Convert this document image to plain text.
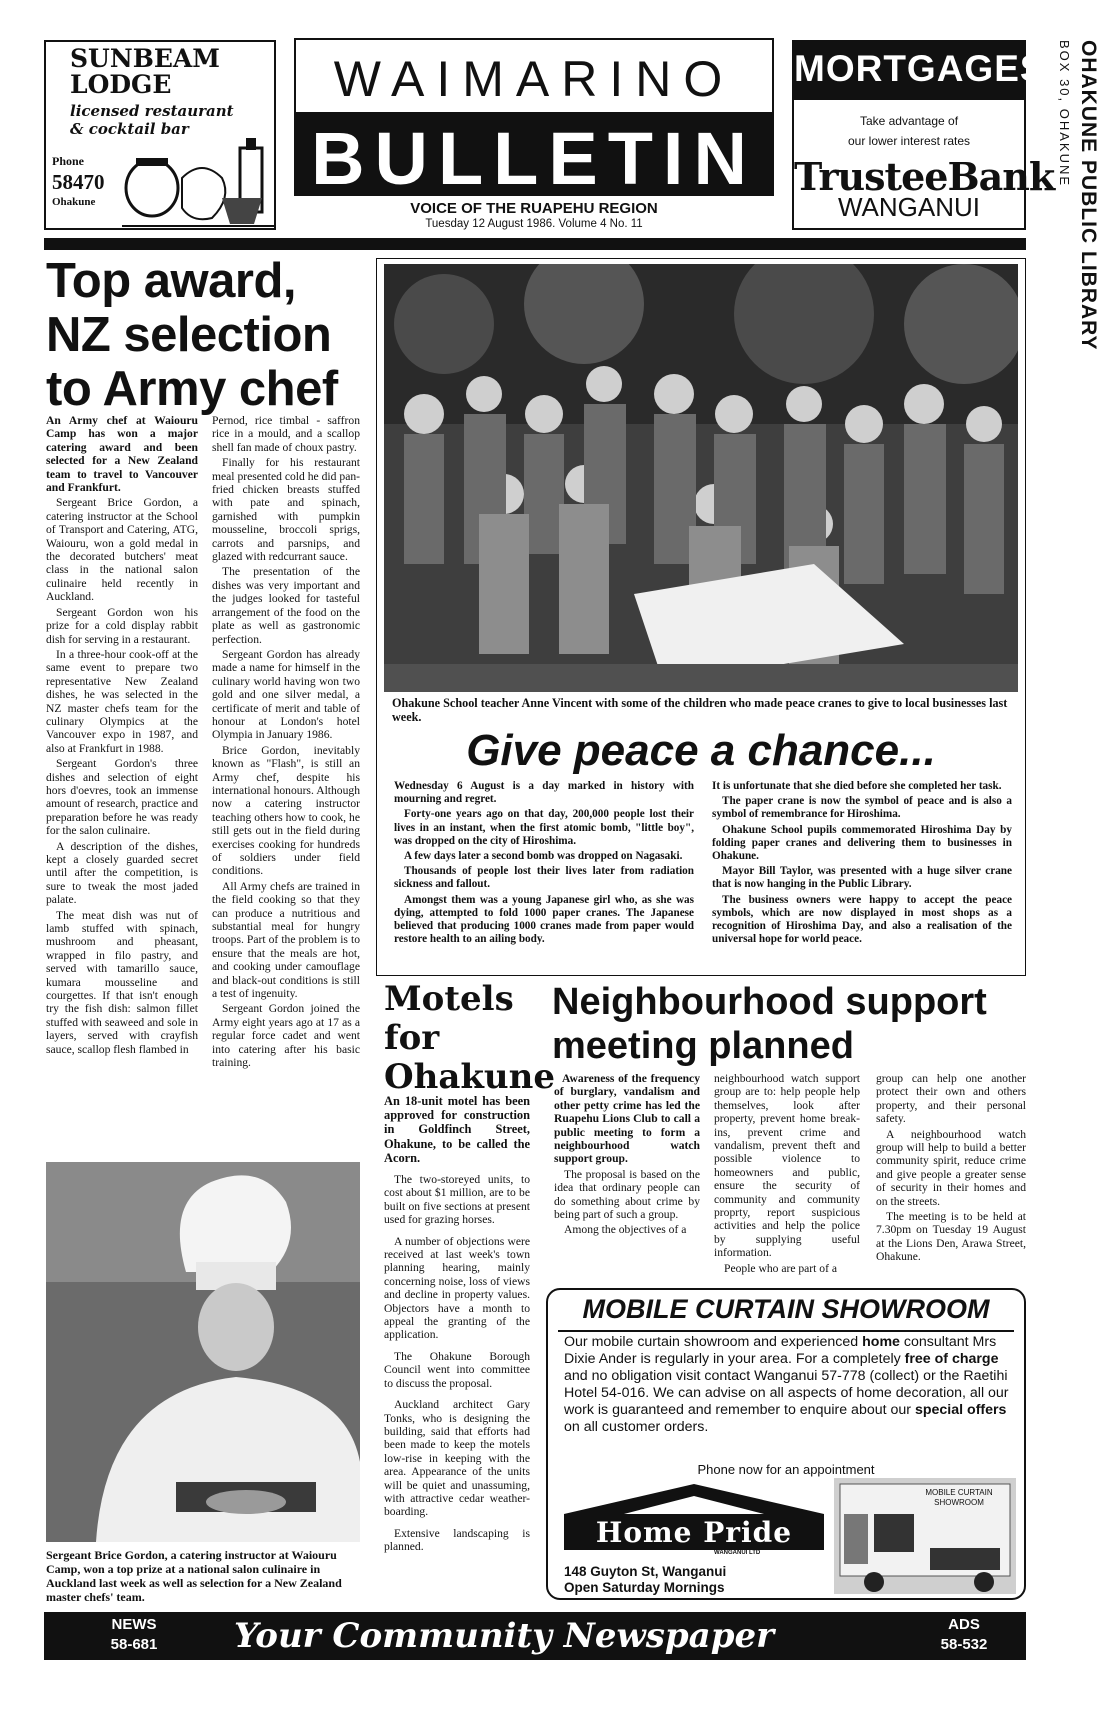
SUNBEAM LODGE
licensed restaurant
& cocktail bar
Phone
58470
Ohakune
WAIMARINO
BULLETIN
VOICE OF THE RUAPEHU REGION
Tuesday 12 August 1986. Volume 4 No. 11
MORTGAGES
Take advantage of
our lower interest rates
TrusteeBank
WANGANUI	OHAKUNE PUBLIC LIBRARY
BOX 30, OHAKUNE
Top award, NZ selection to Army chef

An Army chef at Waiouru Camp has won a major catering award and been selected for a New Zealand team to travel to Vancouver and Frankfurt.

Sergeant Brice Gordon, a catering instructor at the School of Transport and Catering, ATG, Waiouru, won a gold medal in the decorated butchers' meat class in the national salon culinaire held recently in Auckland.

Sergeant Gordon won his prize for a cold display rabbit dish for serving in a restaurant.

In a three-hour cook-off at the same event to prepare two representative New Zealand dishes, he was selected in the NZ master chefs team for the culinary Olympics at the Vancouver expo in 1987, and also at Frankfurt in 1988.

Sergeant Gordon's three dishes and selection of eight hors d'oevres, took an immense amount of research, practice and preparation before he was ready for the salon culinaire.

A description of the dishes, kept a closely guarded secret until after the competition, is sure to tweak the most jaded palate.

The meat dish was nut of lamb stuffed with spinach, mushroom and pheasant, wrapped in filo pastry, and served with tamarillo sauce, kumara mousseline and courgettes. If that isn't enough try the fish dish: salmon fillet stuffed with seaweed and sole in layers, served with crayfish sauce, scallop flesh flambed in

Pernod, rice timbal - saffron rice in a mould, and a scallop shell fan made of choux pastry.

Finally for his restaurant meal presented cold he did pan-fried chicken breasts stuffed with pate and spinach, garnished with pumpkin mousseline, broccoli sprigs, carrots and parsnips, and glazed with redcurrant sauce.

The presentation of the dishes was very important and the judges looked for tasteful arrangement of the food on the plate as well as gastronomic perfection.

Sergeant Gordon has already made a name for himself in the culinary world having won two gold and one silver medal, a certificate of merit and table of honour at London's hotel Olympia in January 1986.

Brice Gordon, inevitably known as "Flash", is still an Army chef, despite his international honours. Although now a catering instructor teaching others how to cook, he still gets out in the field during exercises cooking for hundreds of soldiers under field conditions.

All Army chefs are trained in the field cooking so that they can produce a nutritious and substantial meal for hungry troops. Part of the problem is to ensure that the meals are hot, and cooking under camouflage and black-out conditions is still a test of ingenuity.

Sergeant Gordon joined the Army eight years ago at 17 as a regular force cadet and went into catering after his basic training.

Sergeant Brice Gordon, a catering instructor at Waiouru Camp, won a top prize at a national salon culinaire in Auckland last week as well as selection for a New Zealand master chefs' team.
Ohakune School teacher Anne Vincent with some of the children who made peace cranes to give to local businesses last week.
Give peace a chance...

Wednesday 6 August is a day marked in history with mourning and regret.

Forty-one years ago on that day, 200,000 people lost their lives in an instant, when the first atomic bomb, "little boy", was dropped on the city of Hiroshima.

A few days later a second bomb was dropped on Nagasaki.

Thousands of people lost their lives later from radiation sickness and fallout.

Amongst them was a young Japanese girl who, as she was dying, attempted to fold 1000 paper cranes. The Japanese believed that producing 1000 cranes made from paper would restore health to an ailing body.

It is unfortunate that she died before she completed her task.

The paper crane is now the symbol of peace and is also a symbol of remembrance for Hiroshima.

Ohakune School pupils commemorated Hiroshima Day by folding paper cranes and delivering them to businesses in Ohakune.

Mayor Bill Taylor, was presented with a huge silver crane that is now hanging in the Public Library.

The business owners were happy to accept the peace symbols, which are now displayed in most shops as a recognition of Hiroshima Day, and also a realisation of the universal hope for world peace.

Motels for Ohakune

An 18-unit motel has been approved for construction in Goldfinch Street, Ohakune, to be called the Acorn.

The two-storeyed units, to cost about $1 million, are to be built on five sections at present used for grazing horses.

A number of objections were received at last week's town planning hearing, mainly concerning noise, loss of views and decline in property values. Objectors have a month to appeal the granting of the application.

The Ohakune Borough Council went into committee to discuss the proposal.

Auckland architect Gary Tonks, who is designing the building, said that efforts had been made to keep the motels low-rise in keeping with the area. Appearance of the units will be quiet and unassuming, with attractive cedar weather-boarding.

Extensive landscaping is planned.

Neighbourhood support meeting planned

Awareness of the frequency of burglary, vandalism and other petty crime has led the Ruapehu Lions Club to call a public meeting to form a neighbourhood watch support group.

The proposal is based on the idea that ordinary people can do something about crime by being part of such a group.

Among the objectives of a

neighbourhood watch support group are to: help people help themselves, look after property, prevent home break-ins, prevent crime and vandalism, prevent theft and possible violence to homeowners and public, ensure the security of community and community proprty, report suspicious activities and help the police by supplying useful information.

People who are part of a

group can help one another protect their own and others property, and their personal safety.

A neighbourhood watch group will help to build a better community spirit, reduce crime and give people a greater sense of security in their homes and on the streets.

The meeting is to be held at 7.30pm on Tuesday 19 August at the Lions Den, Arawa Street, Ohakune.

MOBILE CURTAIN SHOWROOM
Our mobile curtain showroom and experienced home consultant Mrs Dixie Ander is regularly in your area. For a completely free of charge and no obligation visit contact Wanganui 57-778 (collect) or the Raetihi Hotel 54-016. We can advise on all aspects of home decoration, all our work is guaranteed and remember to enquire about our special offers on all customer orders.
Phone now for an appointment
Home Pride
WANGANUI LTD
148 Guyton St, Wanganui
Open Saturday Mornings
MOBILE CURTAIN
SHOWROOM
NEWS
58-681	Your Community Newspaper	ADS
58-532
